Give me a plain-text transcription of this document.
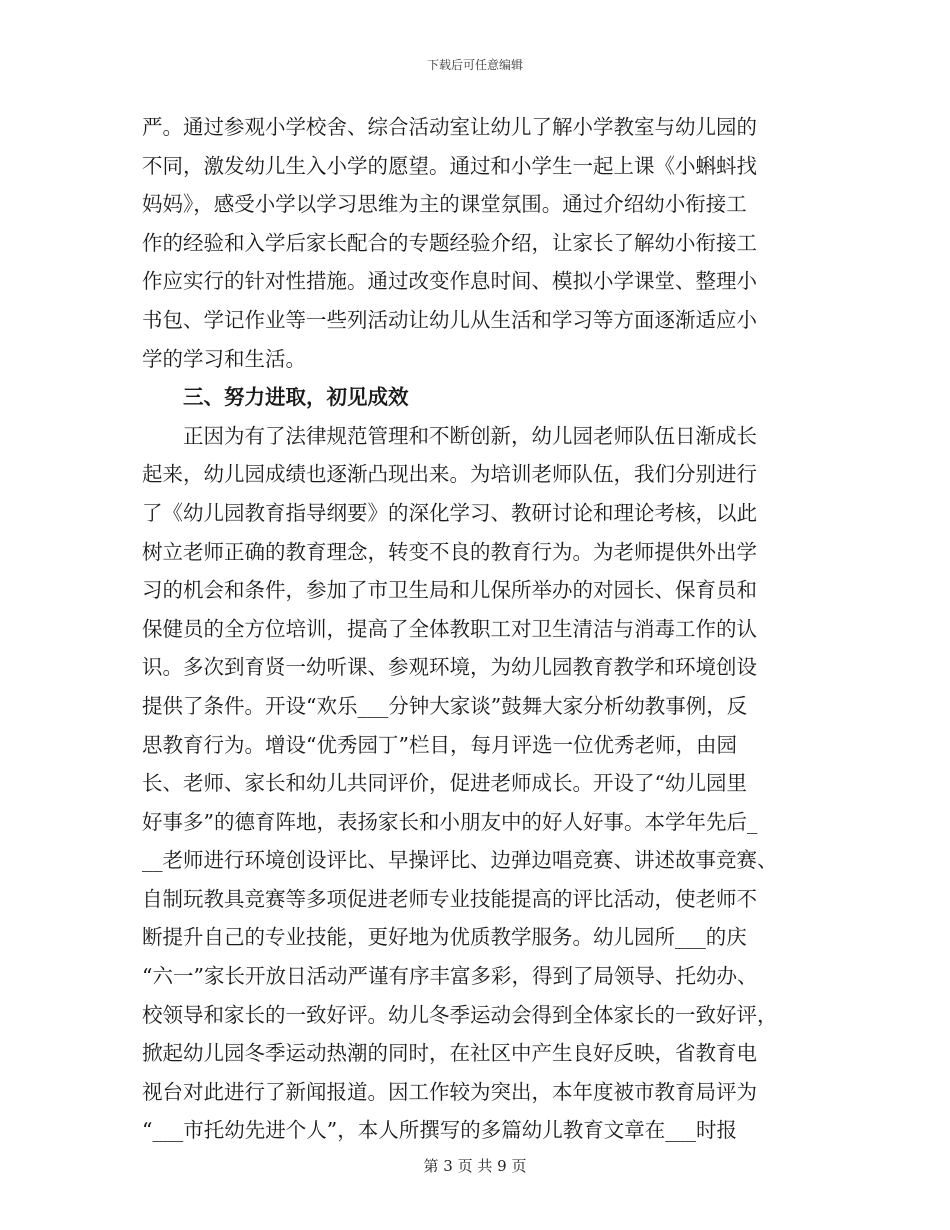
下载后可任意编辑
严。通过参观小学校舍、综合活动室让幼儿了解小学教室与幼儿园的
不同，激发幼儿生入小学的愿望。通过和小学生一起上课《小蝌蚪找
妈妈》，感受小学以学习思维为主的课堂氛围。通过介绍幼小衔接工
作的经验和入学后家长配合的专题经验介绍，让家长了解幼小衔接工
作应实行的针对性措施。通过改变作息时间、模拟小学课堂、整理小
书包、学记作业等一些列活动让幼儿从生活和学习等方面逐渐适应小
学的学习和生活。
　　三、努力进取，初见成效
　　正因为有了法律规范管理和不断创新，幼儿园老师队伍日渐成长
起来，幼儿园成绩也逐渐凸现出来。为培训老师队伍，我们分别进行
了《幼儿园教育指导纲要》的深化学习、教研讨论和理论考核，以此
树立老师正确的教育理念，转变不良的教育行为。为老师提供外出学
习的机会和条件，参加了市卫生局和儿保所举办的对园长、保育员和
保健员的全方位培训，提高了全体教职工对卫生清洁与消毒工作的认
识。多次到育贤一幼听课、参观环境，为幼儿园教育教学和环境创设
提供了条件。开设“欢乐___分钟大家谈”鼓舞大家分析幼教事例，反
思教育行为。增设“优秀园丁”栏目，每月评选一位优秀老师，由园
长、老师、家长和幼儿共同评价，促进老师成长。开设了“幼儿园里
好事多”的德育阵地，表扬家长和小朋友中的好人好事。本学年先后_
__老师进行环境创设评比、早操评比、边弹边唱竞赛、讲述故事竞赛、
自制玩教具竞赛等多项促进老师专业技能提高的评比活动，使老师不
断提升自己的专业技能，更好地为优质教学服务。幼儿园所___的庆
“六一”家长开放日活动严谨有序丰富多彩，得到了局领导、托幼办、
校领导和家长的一致好评。幼儿冬季运动会得到全体家长的一致好评，
掀起幼儿园冬季运动热潮的同时，在社区中产生良好反映，省教育电
视台对此进行了新闻报道。因工作较为突出，本年度被市教育局评为
“___市托幼先进个人”，本人所撰写的多篇幼儿教育文章在___时报
第 3 页 共 9 页
